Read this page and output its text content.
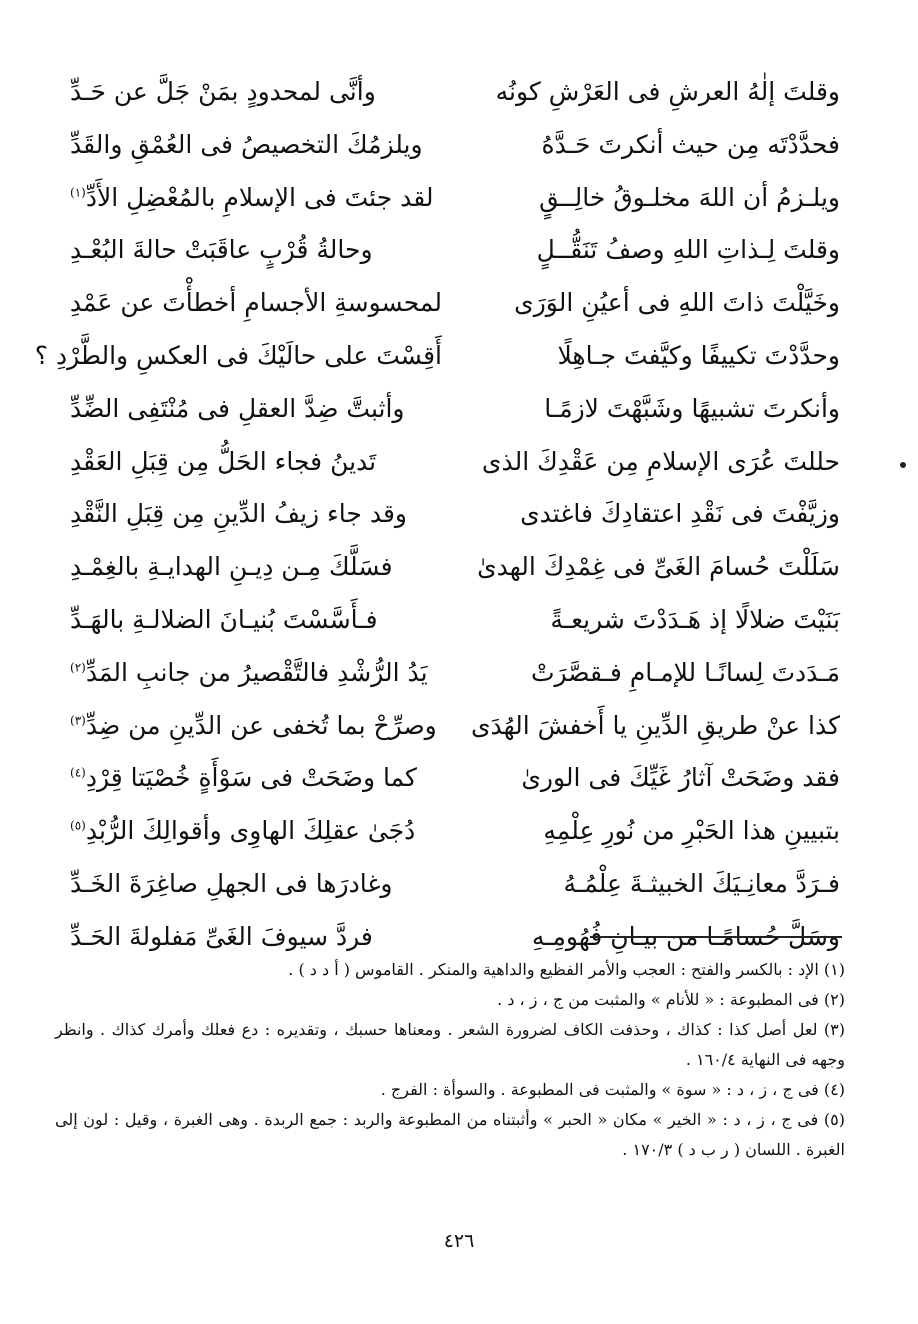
وقلتَ إلٰهُ العرشِ فى العَرْشِ كونُه
وأنَّى لمحدودٍ بمَنْ جَلَّ عن حَـدِّ
فحدَّدْتَه مِن حيث أنكرتَ حَـدَّهُ
ويلزمُكَ التخصيصُ فى العُمْقِ والقَدِّ
ويلـزمُ أن اللهَ مخلـوقُ خالِــقٍ
لقد جئتَ فى الإسلامِ بالمُعْضِلِ الأَدِّ$^{(١)}$
وقلتَ لِـذاتِ اللهِ وصفُ تَنَقُّــلٍ
وحالةُ قُرْبٍ عاقَبَتْ حالةَ البُعْـدِ
وخَيَّلْتَ ذاتَ اللهِ فى أعيُنِ الوَرَى
لمحسوسةِ الأجسامِ أخطأْتَ عن عَمْدِ
وحدَّدْتَ تكييفًا وكيَّفتَ جـاهِلًا
أَقِسْتَ على حالَيْكَ فى العكسِ والطَّرْدِ ؟
وأنكرتَ تشبيهًا وشَبَّهْتَ لازمًـا
وأثبتَّ ضِدَّ العقلِ فى مُنْتَفِى الضِّدِّ
حللتَ عُرَى الإسلامِ مِن عَقْدِكَ الذى
تَدينُ فجاء الحَلُّ مِن قِبَلِ العَقْدِ
وزيَّفْتَ فى نَقْدِ اعتقادِكَ فاغتدى
وقد جاء زيفُ الدِّينِ مِن قِبَلِ النَّقْدِ
سَلَلْتَ حُسامَ الغَىِّ فى غِمْدِكَ الهدىٰ
فسَلَّكَ مِـن دِيـنِ الهدايـةِ بالغِمْـدِ
بَنَيْتَ ضلالًا إذ هَـدَدْتَ شريعـةً
فـأَسَّسْتَ بُنيـانَ الضلالـةِ بالهَـدِّ
مَـدَدتَ لِسانًـا للإمـامِ فـقصَّرَتْ
يَدُ الرُّشْدِ فالتَّقْصيرُ من جانبِ المَدِّ$^{(٢)}$
كذا عنْ طريقِ الدِّينِ يا أَخفشَ الهُدَى
وصرِّحْ بما تُخفى عن الدِّينِ من ضِدِّ$^{(٣)}$
فقد وضَحَتْ آثارُ غَيِّكَ فى الورىٰ
كما وضَحَتْ فى سَوْأَةٍ خُصْيَتا قِرْدِ$^{(٤)}$
بتبيينِ هذا الحَبْرِ من نُورِ عِلْمِهِ
دُجَىٰ عقلِكَ الهاوِى وأقوالِكَ الرُّبْدِ$^{(٥)}$
فـرَدَّ معانِـيَكَ الخبيثـةَ عِلْمُـهُ
وغادرَها فى الجهلِ صاغِرَةَ الخَـدِّ
وسَلَّ حُسامًـا من بيـانِ فُهُومِـهِ
فردَّ سيوفَ الغَىِّ مَفلولةَ الحَـدِّ
(١) الإد : بالكسر والفتح : العجب والأمر الفظيع والداهية والمنكر . القاموس ( أ د د ) .
(٢) فى المطبوعة : « للأنام » والمثبت من ج ، ز ، د .
(٣) لعل أصل كذا : كذاك ، وحذفت الكاف لضرورة الشعر . ومعناها حسبك ، وتقديره : دع فعلك وأمرك كذاك . وانظر وجهه فى النهاية ١٦٠/٤ .
(٤) فى ج ، ز ، د : « سوة » والمثبت فى المطبوعة . والسوأة : الفرج .
(٥) فى ج ، ز ، د : « الخير » مكان « الحبر » وأثبتناه من المطبوعة والربد : جمع الربدة . وهى الغبرة ، وقيل : لون إلى الغبرة . اللسان ( ر ب د ) ١٧٠/٣ .
٤٢٦
